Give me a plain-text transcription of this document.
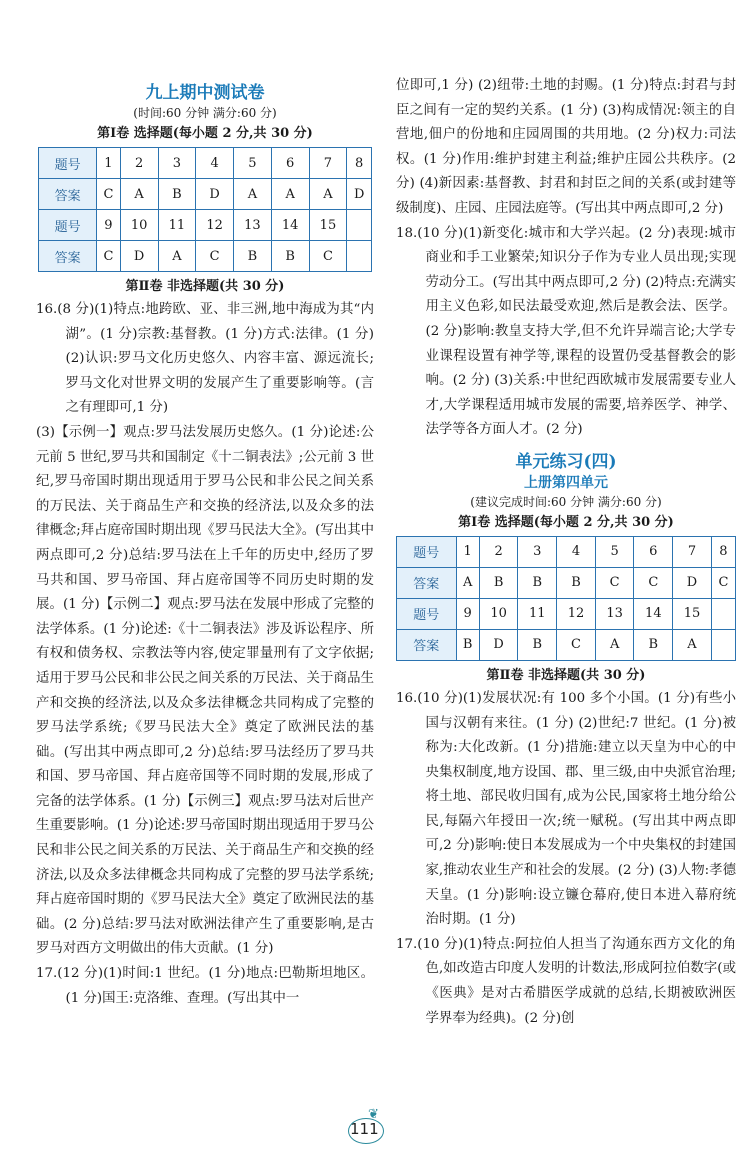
九上期中测试卷
(时间:60 分钟 满分:60 分)
第Ⅰ卷 选择题(每小题 2 分,共 30 分)
题号	1	2	3	4	5	6	7	8
答案	C	A	B	D	A	A	A	D
题号	9	10	11	12	13	14	15	
答案	C	D	A	C	B	B	C	
第Ⅱ卷 非选择题(共 30 分)

16.(8 分)(1)特点:地跨欧、亚、非三洲,地中海成为其“内湖”。(1 分)宗教:基督教。(1 分)方式:法律。(1 分) (2)认识:罗马文化历史悠久、内容丰富、源远流长;罗马文化对世界文明的发展产生了重要影响等。(言之有理即可,1 分)

(3)【示例一】观点:罗马法发展历史悠久。(1 分)论述:公元前 5 世纪,罗马共和国制定《十二铜表法》;公元前 3 世纪,罗马帝国时期出现适用于罗马公民和非公民之间关系的万民法、关于商品生产和交换的经济法,以及众多的法律概念;拜占庭帝国时期出现《罗马民法大全》。(写出其中两点即可,2 分)总结:罗马法在上千年的历史中,经历了罗马共和国、罗马帝国、拜占庭帝国等不同历史时期的发展。(1 分)【示例二】观点:罗马法在发展中形成了完整的法学体系。(1 分)论述:《十二铜表法》涉及诉讼程序、所有权和债务权、宗教法等内容,使定罪量刑有了文字依据;适用于罗马公民和非公民之间关系的万民法、关于商品生产和交换的经济法,以及众多法律概念共同构成了完整的罗马法学系统;《罗马民法大全》奠定了欧洲民法的基础。(写出其中两点即可,2 分)总结:罗马法经历了罗马共和国、罗马帝国、拜占庭帝国等不同时期的发展,形成了完备的法学体系。(1 分)【示例三】观点:罗马法对后世产生重要影响。(1 分)论述:罗马帝国时期出现适用于罗马公民和非公民之间关系的万民法、关于商品生产和交换的经济法,以及众多法律概念共同构成了完整的罗马法学系统;拜占庭帝国时期的《罗马民法大全》奠定了欧洲民法的基础。(2 分)总结:罗马法对欧洲法律产生了重要影响,是古罗马对西方文明做出的伟大贡献。(1 分)

17.(12 分)(1)时间:1 世纪。(1 分)地点:巴勒斯坦地区。(1 分)国王:克洛维、查理。(写出其中一

位即可,1 分) (2)纽带:土地的封赐。(1 分)特点:封君与封臣之间有一定的契约关系。(1 分) (3)构成情况:领主的自营地,佃户的份地和庄园周围的共用地。(2 分)权力:司法权。(1 分)作用:维护封建主利益;维护庄园公共秩序。(2 分) (4)新因素:基督教、封君和封臣之间的关系(或封建等级制度)、庄园、庄园法庭等。(写出其中两点即可,2 分)

18.(10 分)(1)新变化:城市和大学兴起。(2 分)表现:城市商业和手工业繁荣;知识分子作为专业人员出现;实现劳动分工。(写出其中两点即可,2 分) (2)特点:充满实用主义色彩,如民法最受欢迎,然后是教会法、医学。(2 分)影响:教皇支持大学,但不允许异端言论;大学专业课程设置有神学等,课程的设置仍受基督教会的影响。(2 分) (3)关系:中世纪西欧城市发展需要专业人才,大学课程适用城市发展的需要,培养医学、神学、法学等各方面人才。(2 分)

单元练习(四)
上册第四单元
(建议完成时间:60 分钟 满分:60 分)
第Ⅰ卷 选择题(每小题 2 分,共 30 分)
题号	1	2	3	4	5	6	7	8
答案	A	B	B	B	C	C	D	C
题号	9	10	11	12	13	14	15	
答案	B	D	B	C	A	B	A	
第Ⅱ卷 非选择题(共 30 分)

16.(10 分)(1)发展状况:有 100 多个小国。(1 分)有些小国与汉朝有来往。(1 分) (2)世纪:7 世纪。(1 分)被称为:大化改新。(1 分)措施:建立以天皇为中心的中央集权制度,地方设国、郡、里三级,由中央派官治理;将土地、部民收归国有,成为公民,国家将土地分给公民,每隔六年授田一次;统一赋税。(写出其中两点即可,2 分)影响:使日本发展成为一个中央集权的封建国家,推动农业生产和社会的发展。(2 分) (3)人物:孝德天皇。(1 分)影响:设立镰仓幕府,使日本进入幕府统治时期。(1 分)

17.(10 分)(1)特点:阿拉伯人担当了沟通东西方文化的角色,如改造古印度人发明的计数法,形成阿拉伯数字(或《医典》是对古希腊医学成就的总结,长期被欧洲医学界奉为经典)。(2 分)创

❦
111
